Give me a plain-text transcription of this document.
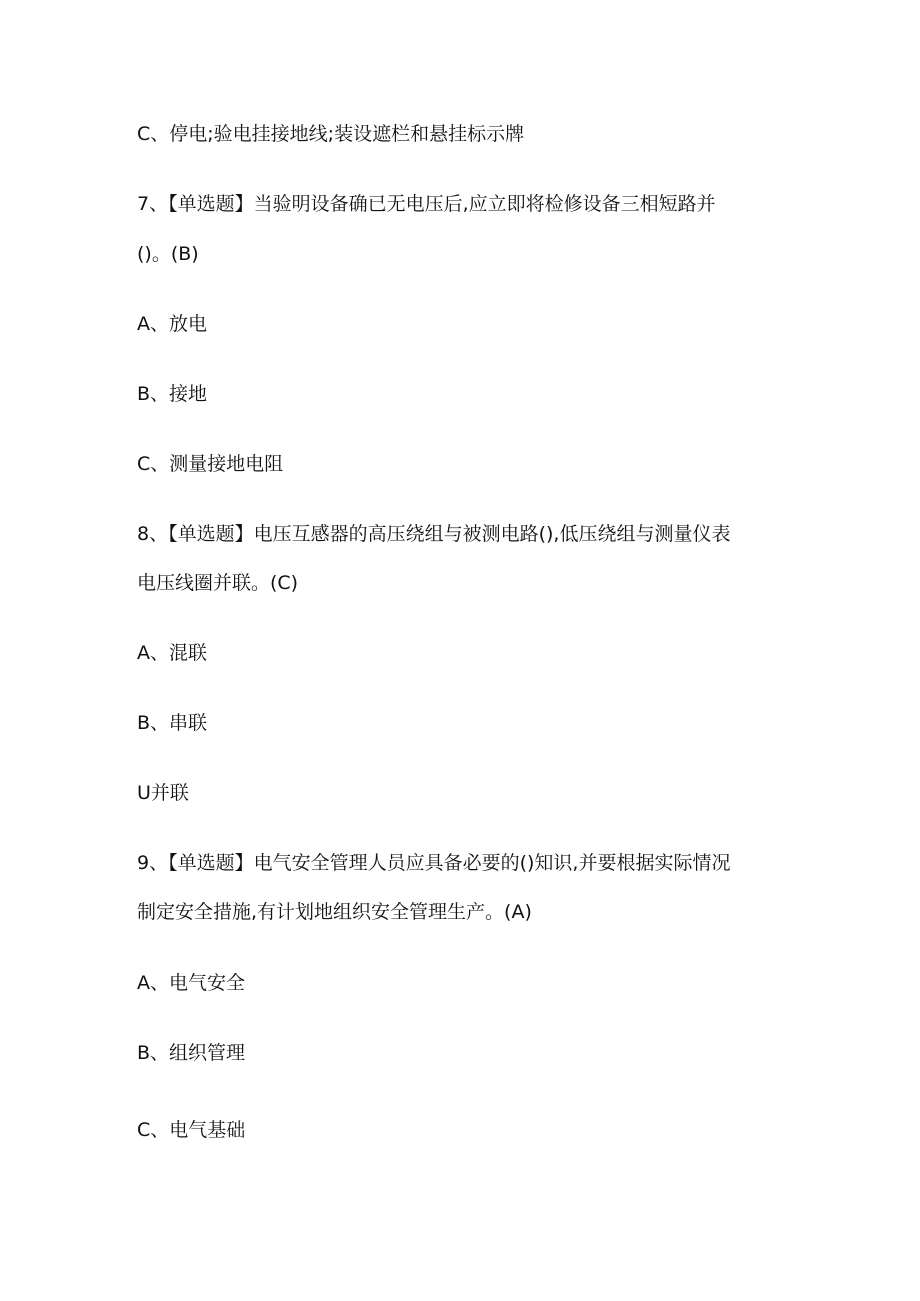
C、停电;验电挂接地线;装设遮栏和悬挂标示牌
7、【单选题】当验明设备确已无电压后,应立即将检修设备三相短路并
()。(B)
A、放电
B、接地
C、测量接地电阻
8、【单选题】电压互感器的高压绕组与被测电路(),低压绕组与测量仪表
电压线圈并联。(C)
A、混联
B、串联
U并联
9、【单选题】电气安全管理人员应具备必要的()知识,并要根据实际情况
制定安全措施,有计划地组织安全管理生产。(A)
A、电气安全
B、组织管理
C、电气基础
